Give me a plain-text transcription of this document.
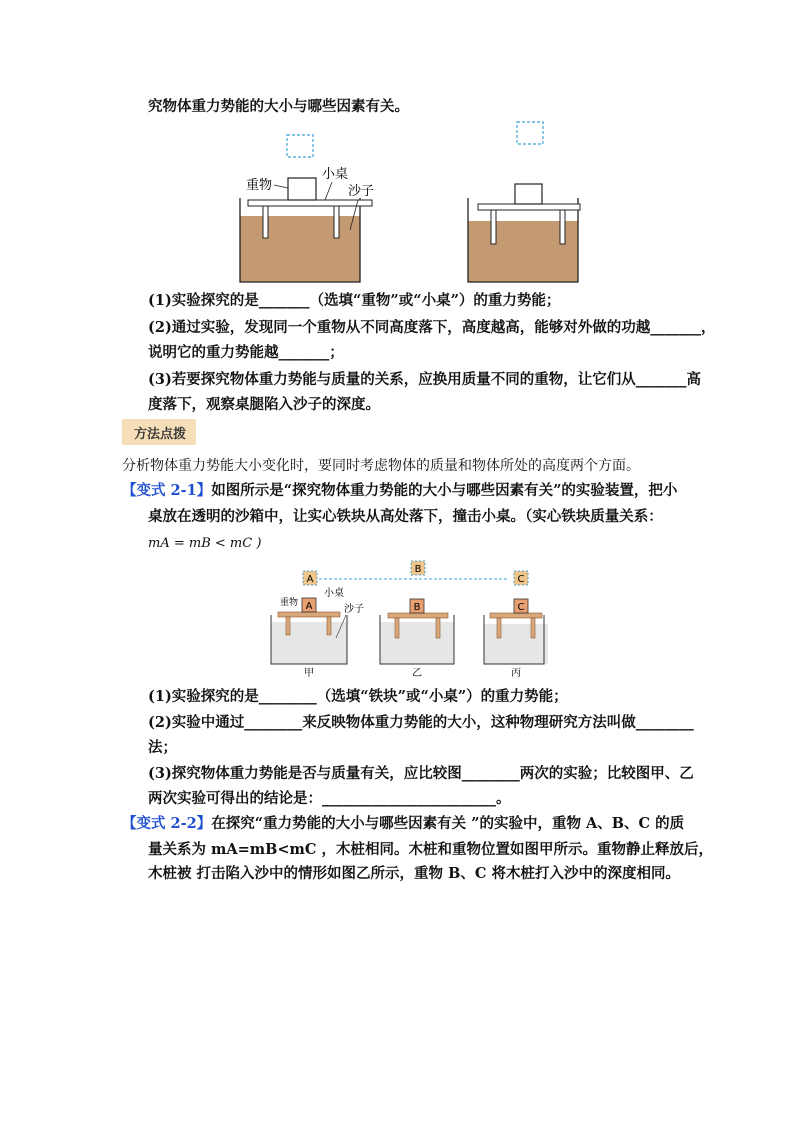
究物体重力势能的大小与哪些因素有关。
重物
小桌
沙子
(1)实验探究的是_______（选填“重物”或“小桌”）的重力势能；
(2)通过实验，发现同一个重物从不同高度落下，高度越高，能够对外做的功越_______，
说明它的重力势能越_______；
(3)若要探究物体重力势能与质量的关系，应换用质量不同的重物，让它们从_______高
度落下，观察桌腿陷入沙子的深度。
方法点拨
分析物体重力势能大小变化时，要同时考虑物体的质量和物体所处的高度两个方面。
【变式 2-1】如图所示是“探究物体重力势能的大小与哪些因素有关”的实验装置，把小
桌放在透明的沙箱中，让实心铁块从高处落下，撞击小桌。（实心铁块质量关系：
mA = mB < mC )
A
B
C
A
重物
小桌
沙子	B	C
甲	乙	丙
(1)实验探究的是________（选填“铁块”或“小桌”）的重力势能；
(2)实验中通过________来反映物体重力势能的大小，这种物理研究方法叫做________
法；
(3)探究物体重力势能是否与质量有关，应比较图________两次的实验；比较图甲、乙
两次实验可得出的结论是：________________________。
【变式 2-2】在探究“重力势能的大小与哪些因素有关 ”的实验中，重物 A、B、C 的质
量关系为 mA=mB<mC ，木桩相同。木桩和重物位置如图甲所示。重物静止释放后，
木桩被 打击陷入沙中的情形如图乙所示，重物 B、C 将木桩打入沙中的深度相同。
